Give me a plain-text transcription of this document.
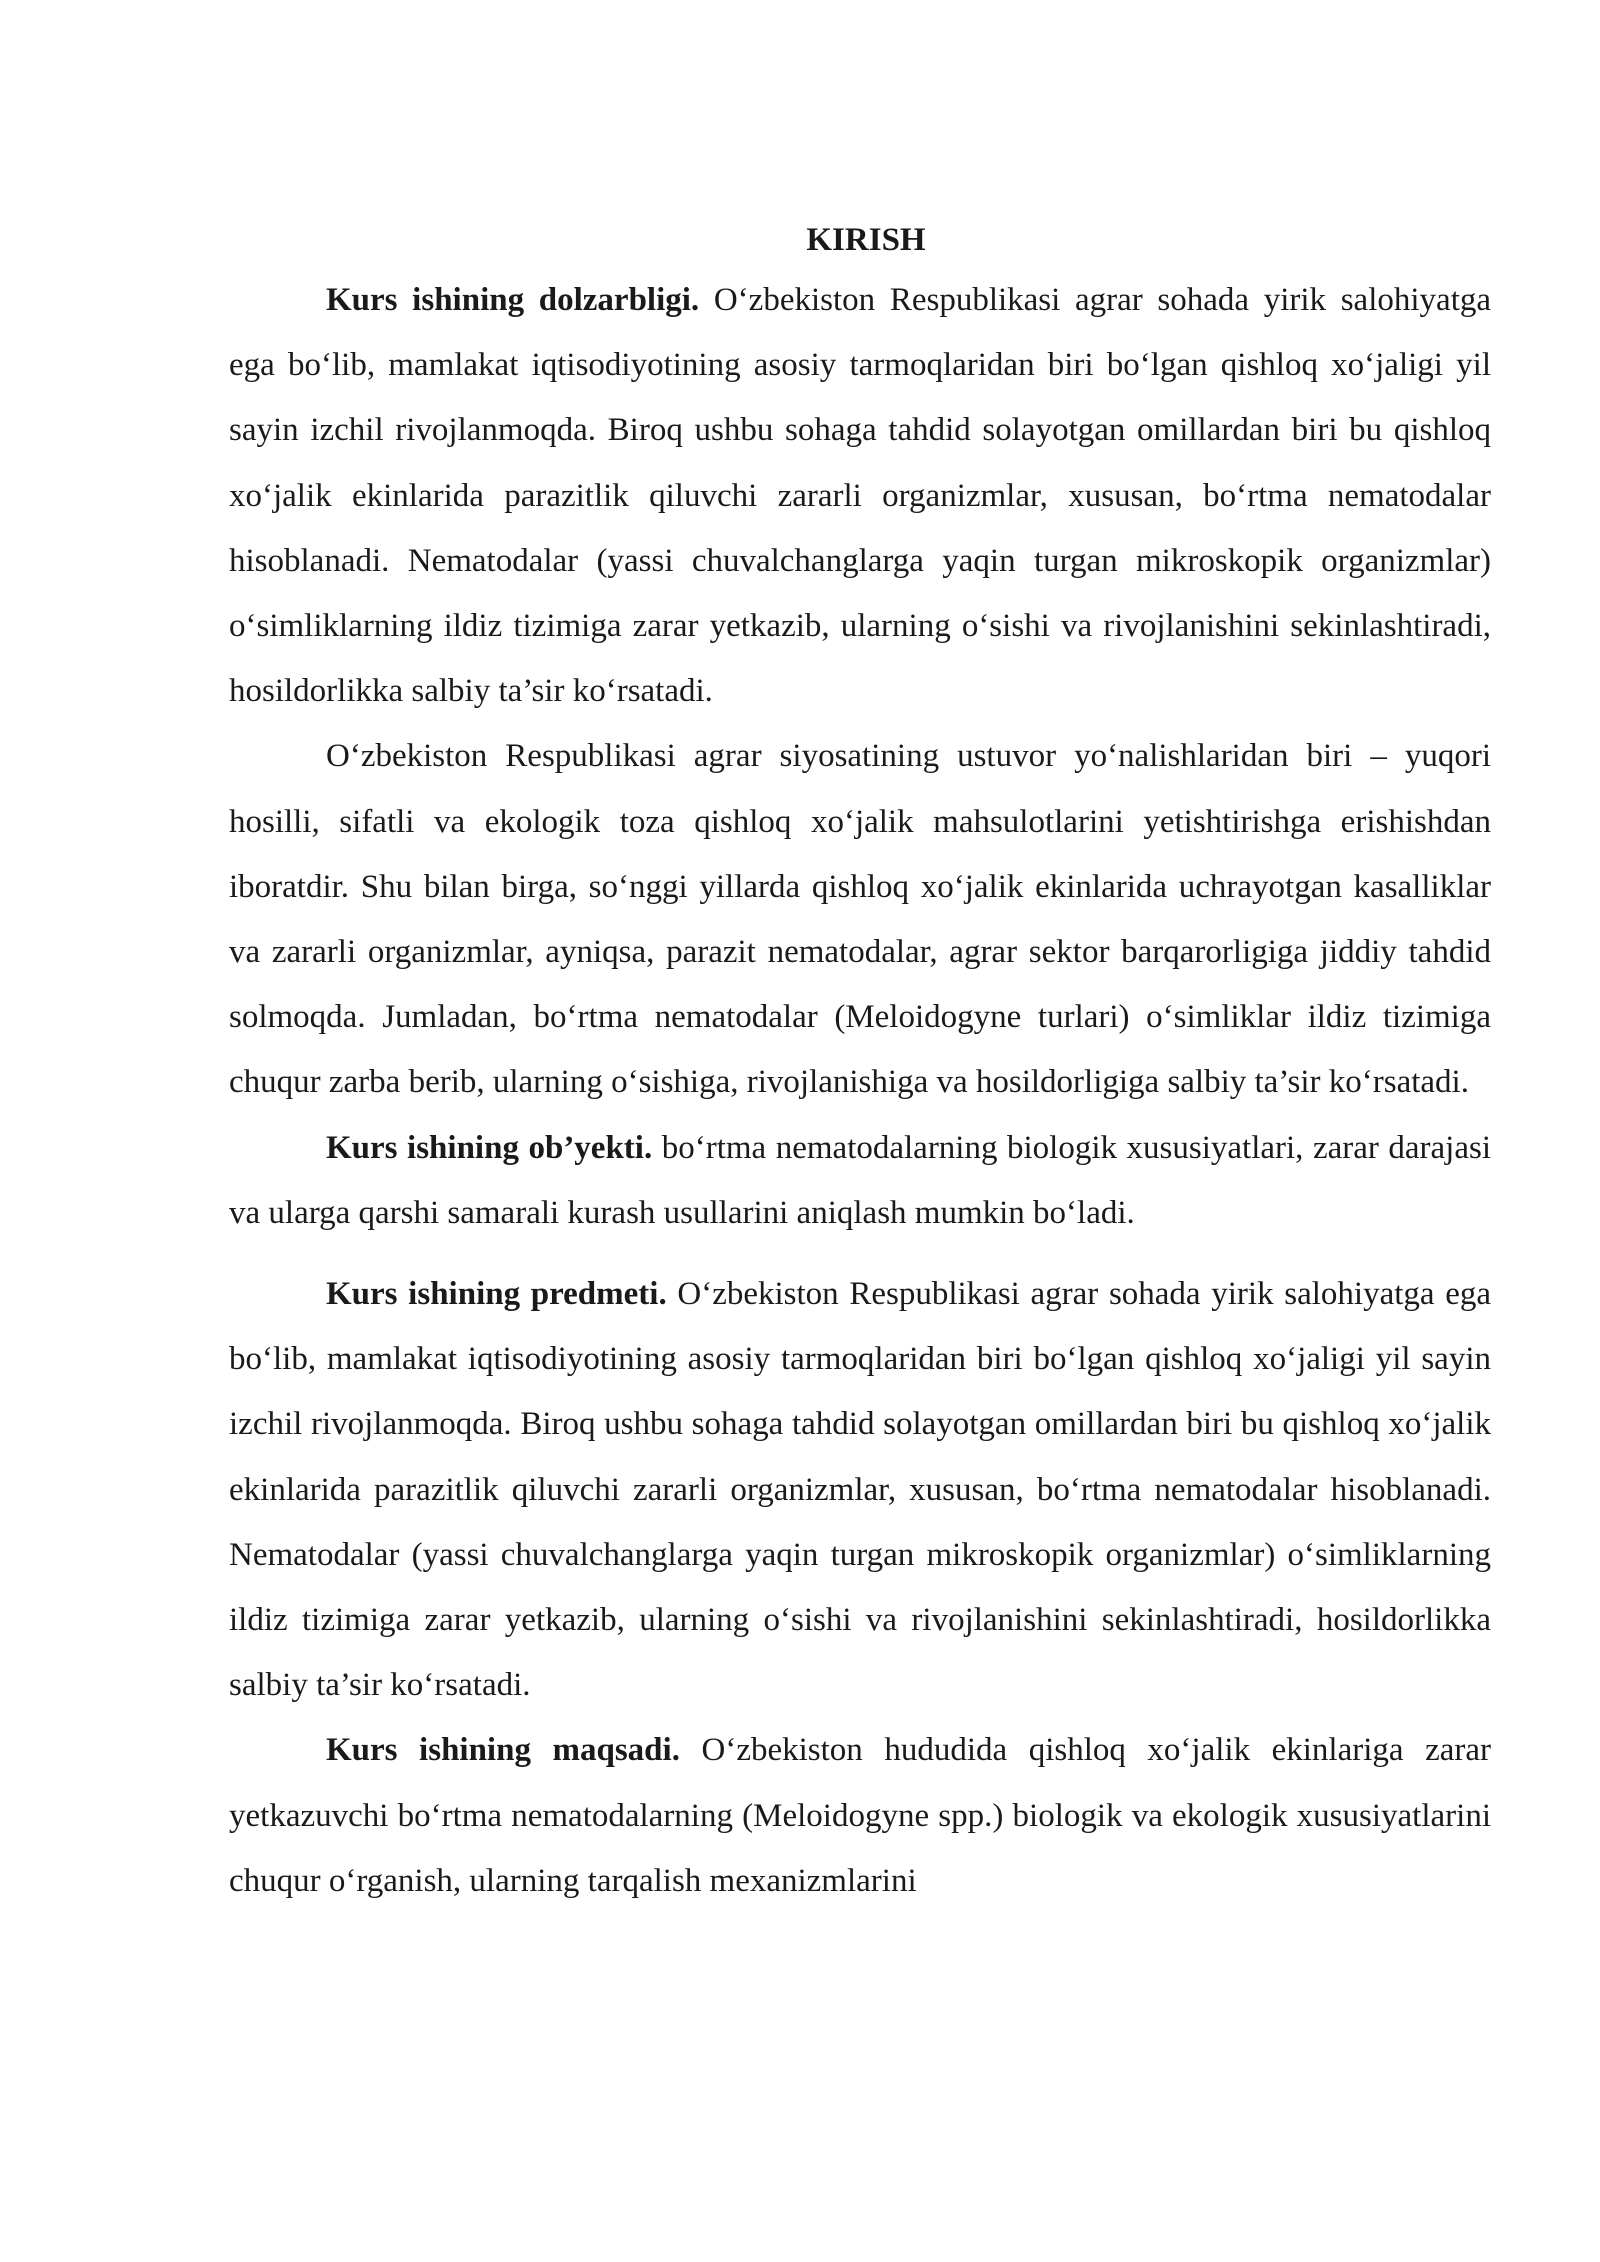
KIRISH

Kurs ishining dolzarbligi. O‘zbekiston Respublikasi agrar sohada yirik salohiyatga ega bo‘lib, mamlakat iqtisodiyotining asosiy tarmoqlaridan biri bo‘lgan qishloq xo‘jaligi yil sayin izchil rivojlanmoqda. Biroq ushbu sohaga tahdid solayotgan omillardan biri bu qishloq xo‘jalik ekinlarida parazitlik qiluvchi zararli organizmlar, xususan, bo‘rtma nematodalar hisoblanadi. Nematodalar (yassi chuvalchanglarga yaqin turgan mikroskopik organizmlar) o‘simliklarning ildiz tizimiga zarar yetkazib, ularning o‘sishi va rivojlanishini sekinlashtiradi, hosildorlikka salbiy ta’sir ko‘rsatadi.

O‘zbekiston Respublikasi agrar siyosatining ustuvor yo‘nalishlaridan biri – yuqori hosilli, sifatli va ekologik toza qishloq xo‘jalik mahsulotlarini yetishtirishga erishishdan iboratdir. Shu bilan birga, so‘nggi yillarda qishloq xo‘jalik ekinlarida uchrayotgan kasalliklar va zararli organizmlar, ayniqsa, parazit nematodalar, agrar sektor barqarorligiga jiddiy tahdid solmoqda. Jumladan, bo‘rtma nematodalar (Meloidogyne turlari) o‘simliklar ildiz tizimiga chuqur zarba berib, ularning o‘sishiga, rivojlanishiga va hosildorligiga salbiy ta’sir ko‘rsatadi.

Kurs ishining ob’yekti. bo‘rtma nematodalarning biologik xususiyatlari, zarar darajasi va ularga qarshi samarali kurash usullarini aniqlash mumkin bo‘ladi.

Kurs ishining predmeti. O‘zbekiston Respublikasi agrar sohada yirik salohiyatga ega bo‘lib, mamlakat iqtisodiyotining asosiy tarmoqlaridan biri bo‘lgan qishloq xo‘jaligi yil sayin izchil rivojlanmoqda. Biroq ushbu sohaga tahdid solayotgan omillardan biri bu qishloq xo‘jalik ekinlarida parazitlik qiluvchi zararli organizmlar, xususan, bo‘rtma nematodalar hisoblanadi. Nematodalar (yassi chuvalchanglarga yaqin turgan mikroskopik organizmlar) o‘simliklarning ildiz tizimiga zarar yetkazib, ularning o‘sishi va rivojlanishini sekinlashtiradi, hosildorlikka salbiy ta’sir ko‘rsatadi.

Kurs ishining maqsadi. O‘zbekiston hududida qishloq xo‘jalik ekinlariga zarar yetkazuvchi bo‘rtma nematodalarning (Meloidogyne spp.) biologik va ekologik xususiyatlarini chuqur o‘rganish, ularning tarqalish mexanizmlarini
